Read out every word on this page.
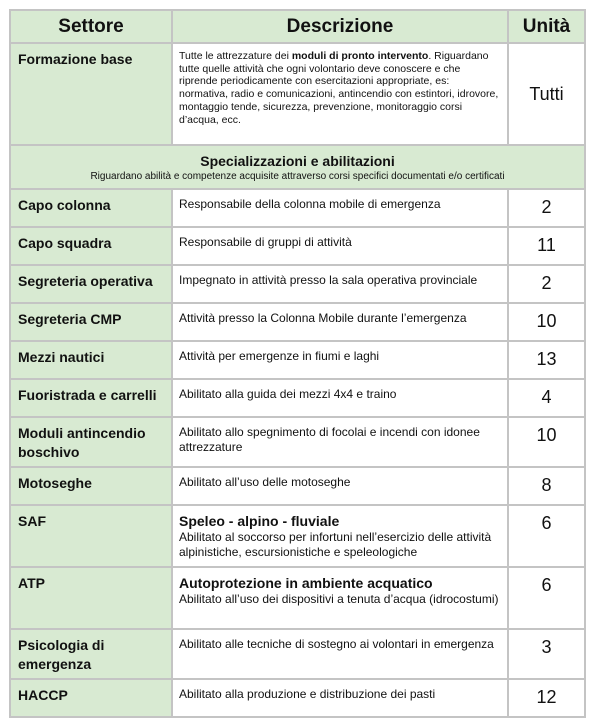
Settore	Descrizione	Unità
Formazione base	Tutte le attrezzature dei moduli di pronto intervento. Riguardano tutte quelle attività che ogni volontario deve conoscere e che riprende periodicamente con esercitazioni appropriate, es: normativa, radio e comunicazioni, antincendio con estintori, idrovore, montaggio tende, sicurezza, prevenzione, monitoraggio corsi d’acqua, ecc.	Tutti

Specializzazioni e abilitazioni
Riguardano abilità e competenze acquisite attraverso corsi specifici documentati e/o certificati		

Capo colonna	Responsabile della colonna mobile di emergenza	2
Capo squadra	Responsabile di gruppi di attività	11
Segreteria operativa	Impegnato in attività presso la sala operativa provinciale	2
Segreteria CMP	Attività presso la Colonna Mobile durante l’emergenza	10
Mezzi nautici	Attività per emergenze in fiumi e laghi	13
Fuoristrada e carrelli	Abilitato alla guida dei mezzi 4x4 e traino	4
Moduli antincendio boschivo	Abilitato allo spegnimento di focolai e incendi con idonee attrezzature	10
Motoseghe	Abilitato all’uso delle motoseghe	8
SAF	Speleo - alpino - fluviale
Abilitato al soccorso per infortuni nell’esercizio delle attività alpinistiche, escursionistiche e speleologiche	6
ATP	Autoprotezione in ambiente acquatico
Abilitato all’uso dei dispositivi a tenuta d’acqua (idrocostumi)	6
Psicologia di emergenza	Abilitato alle tecniche di sostegno ai volontari in emergenza	3
HACCP	Abilitato alla produzione e distribuzione dei pasti	12
